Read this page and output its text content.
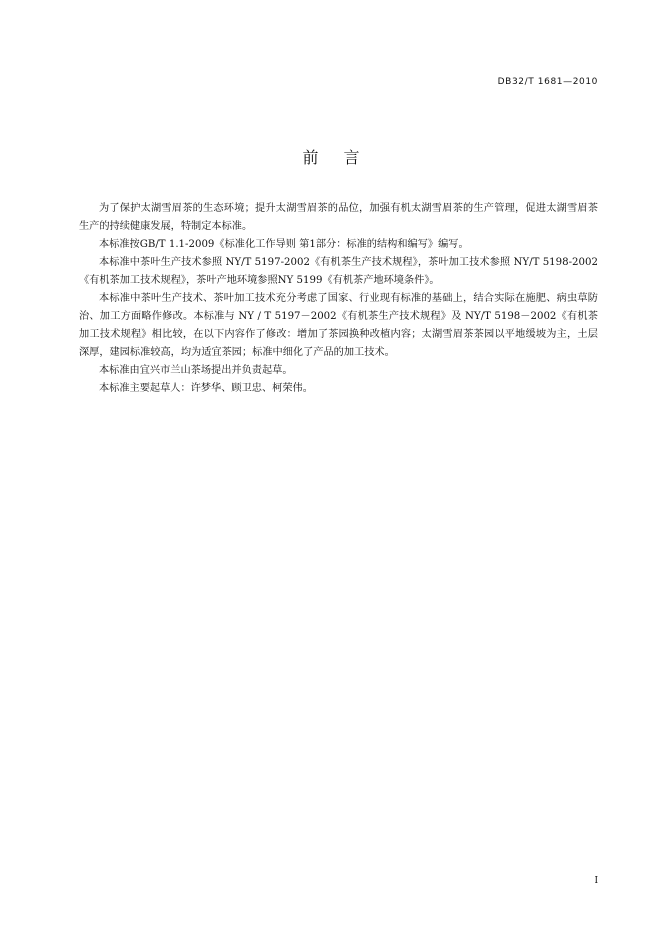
DB32/T 1681—2010
前言

为了保护太湖雪眉茶的生态环境；提升太湖雪眉茶的品位，加强有机太湖雪眉茶的生产管理，促进太湖雪眉茶生产的持续健康发展，特制定本标准。

本标准按GB/T 1.1-2009《标准化工作导则 第1部分：标准的结构和编写》编写。

本标准中茶叶生产技术参照 NY/T 5197-2002《有机茶生产技术规程》，茶叶加工技术参照 NY/T 5198-2002《有机茶加工技术规程》，茶叶产地环境参照NY 5199《有机茶产地环境条件》。

本标准中茶叶生产技术、茶叶加工技术充分考虑了国家、行业现有标准的基础上，结合实际在施肥、病虫草防治、加工方面略作修改。本标准与 NY / T 5197－2002《有机茶生产技术规程》及 NY/T 5198－2002《有机茶加工技术规程》相比较，在以下内容作了修改：增加了茶园换种改植内容；太湖雪眉茶茶园以平地缓坡为主，土层深厚，建园标准较高，均为适宜茶园；标准中细化了产品的加工技术。

本标准由宜兴市兰山茶场提出并负责起草。

本标准主要起草人：许梦华、顾卫忠、柯荣伟。

I
